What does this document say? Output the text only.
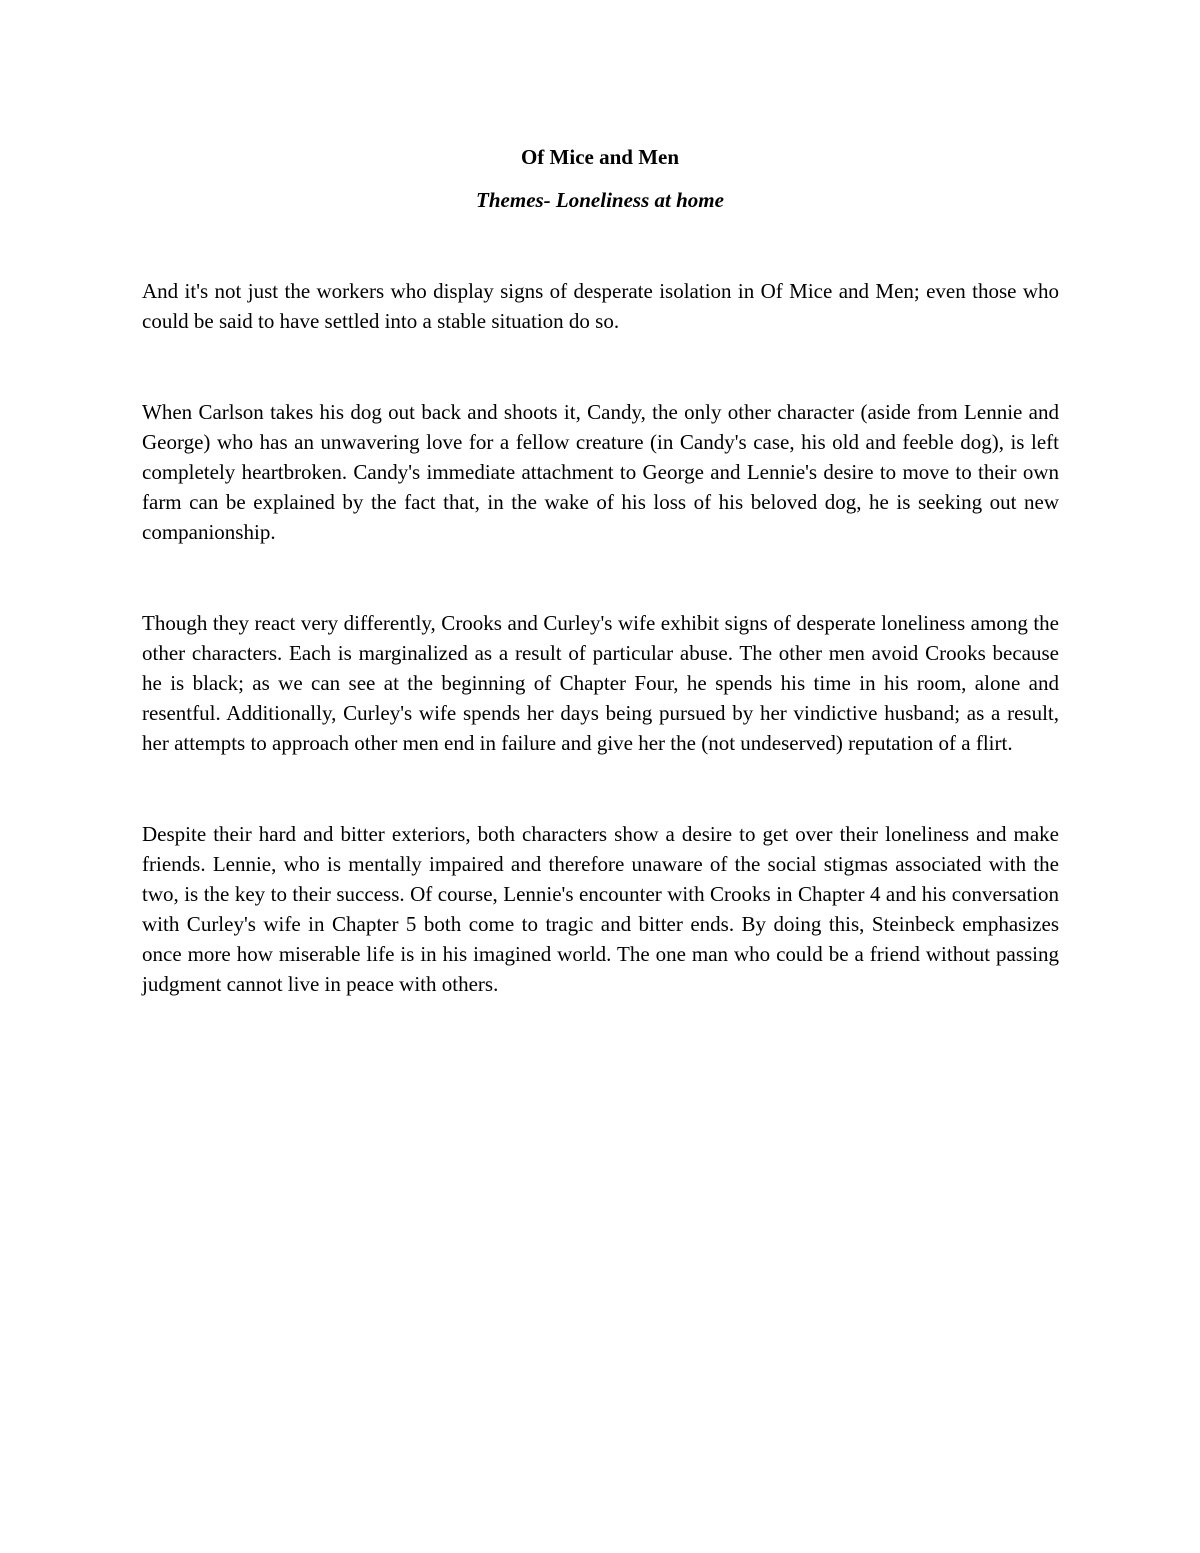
Of Mice and Men
Themes- Loneliness at home

And it's not just the workers who display signs of desperate isolation in Of Mice and Men; even those who could be said to have settled into a stable situation do so.

When Carlson takes his dog out back and shoots it, Candy, the only other character (aside from Lennie and George) who has an unwavering love for a fellow creature (in Candy's case, his old and feeble dog), is left completely heartbroken. Candy's immediate attachment to George and Lennie's desire to move to their own farm can be explained by the fact that, in the wake of his loss of his beloved dog, he is seeking out new companionship.

Though they react very differently, Crooks and Curley's wife exhibit signs of desperate loneliness among the other characters. Each is marginalized as a result of particular abuse. The other men avoid Crooks because he is black; as we can see at the beginning of Chapter Four, he spends his time in his room, alone and resentful. Additionally, Curley's wife spends her days being pursued by her vindictive husband; as a result, her attempts to approach other men end in failure and give her the (not undeserved) reputation of a flirt.

Despite their hard and bitter exteriors, both characters show a desire to get over their loneliness and make friends. Lennie, who is mentally impaired and therefore unaware of the social stigmas associated with the two, is the key to their success. Of course, Lennie's encounter with Crooks in Chapter 4 and his conversation with Curley's wife in Chapter 5 both come to tragic and bitter ends. By doing this, Steinbeck emphasizes once more how miserable life is in his imagined world. The one man who could be a friend without passing judgment cannot live in peace with others.
